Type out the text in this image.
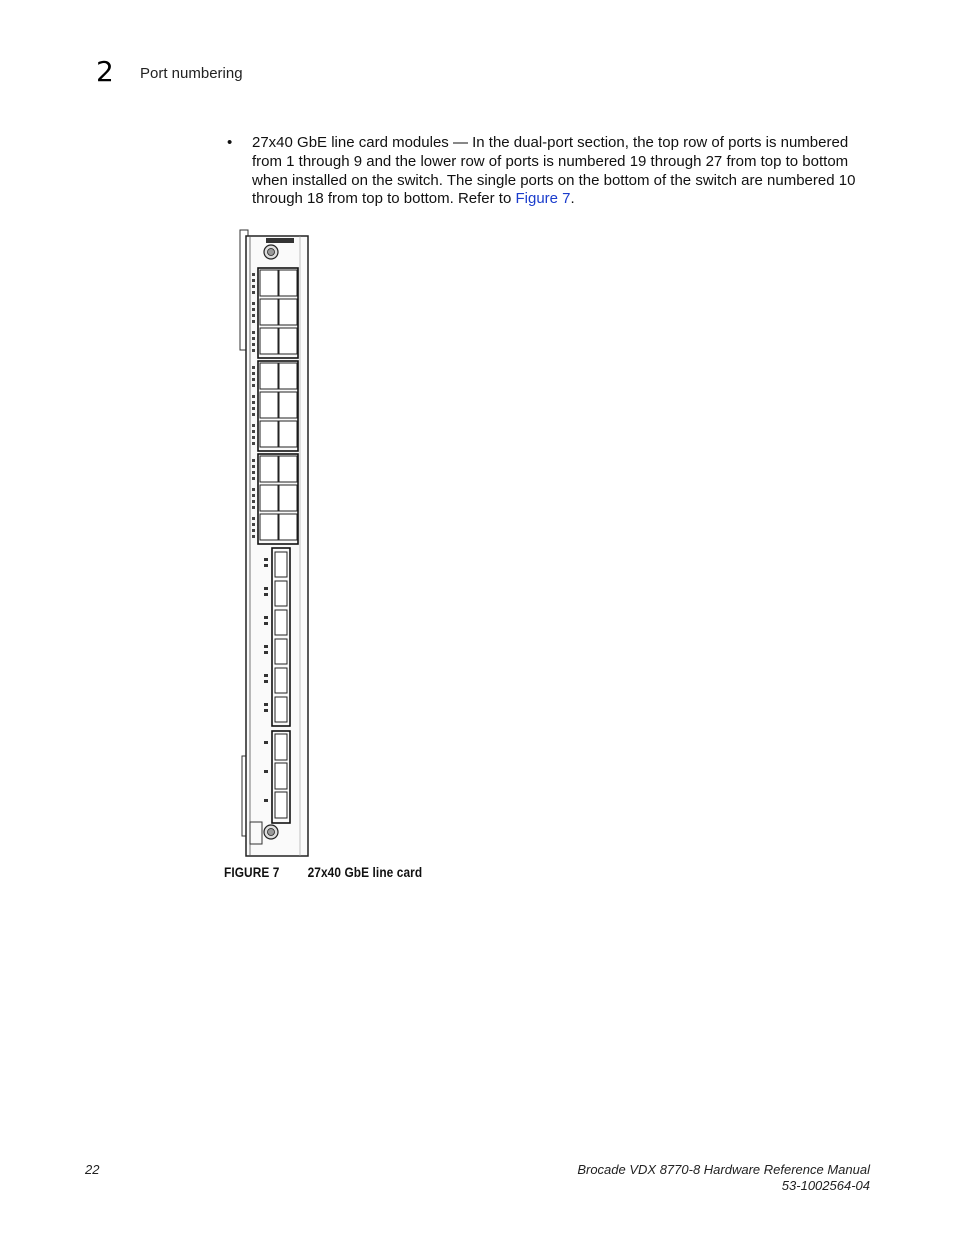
2 Port numbering
• 27x40 GbE line card modules — In the dual-port section, the top row of ports is numbered from 1 through 9 and the lower row of ports is numbered 19 through 27 from top to bottom when installed on the switch. The single ports on the bottom of the switch are numbered 10 through 18 from top to bottom. Refer to Figure 7.
FIGURE 7 27x40 GbE line card
22	Brocade VDX 8770-8 Hardware Reference Manual
53-1002564-04
